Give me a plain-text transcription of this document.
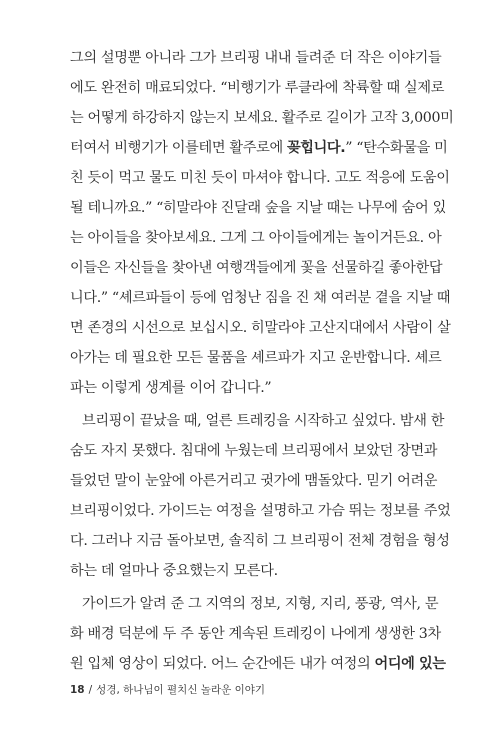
그의 설명뿐 아니라 그가 브리핑 내내 들려준 더 작은 이야기들
에도 완전히 매료되었다. “비행기가 루클라에 착륙할 때 실제로
는 어떻게 하강하지 않는지 보세요. 활주로 길이가 고작 3,000미
터여서 비행기가 이를테면 활주로에 꽂힙니다.” “탄수화물을 미
친 듯이 먹고 물도 미친 듯이 마셔야 합니다. 고도 적응에 도움이
될 테니까요.” “히말라야 진달래 숲을 지날 때는 나무에 숨어 있
는 아이들을 찾아보세요. 그게 그 아이들에게는 놀이거든요. 아
이들은 자신들을 찾아낸 여행객들에게 꽃을 선물하길 좋아한답
니다.” “셰르파들이 등에 엄청난 짐을 진 채 여러분 곁을 지날 때
면 존경의 시선으로 보십시오. 히말라야 고산지대에서 사람이 살
아가는 데 필요한 모든 물품을 셰르파가 지고 운반합니다. 셰르
파는 이렇게 생계를 이어 갑니다.”
브리핑이 끝났을 때, 얼른 트레킹을 시작하고 싶었다. 밤새 한
숨도 자지 못했다. 침대에 누웠는데 브리핑에서 보았던 장면과
들었던 말이 눈앞에 아른거리고 귓가에 맴돌았다. 믿기 어려운
브리핑이었다. 가이드는 여정을 설명하고 가슴 뛰는 정보를 주었
다. 그러나 지금 돌아보면, 솔직히 그 브리핑이 전체 경험을 형성
하는 데 얼마나 중요했는지 모른다.
가이드가 알려 준 그 지역의 정보, 지형, 지리, 풍광, 역사, 문
화 배경 덕분에 두 주 동안 계속된 트레킹이 나에게 생생한 3차
원 입체 영상이 되었다. 어느 순간에든 내가 여정의 어디에 있는
18 / 성경, 하나님이 펼치신 놀라운 이야기
